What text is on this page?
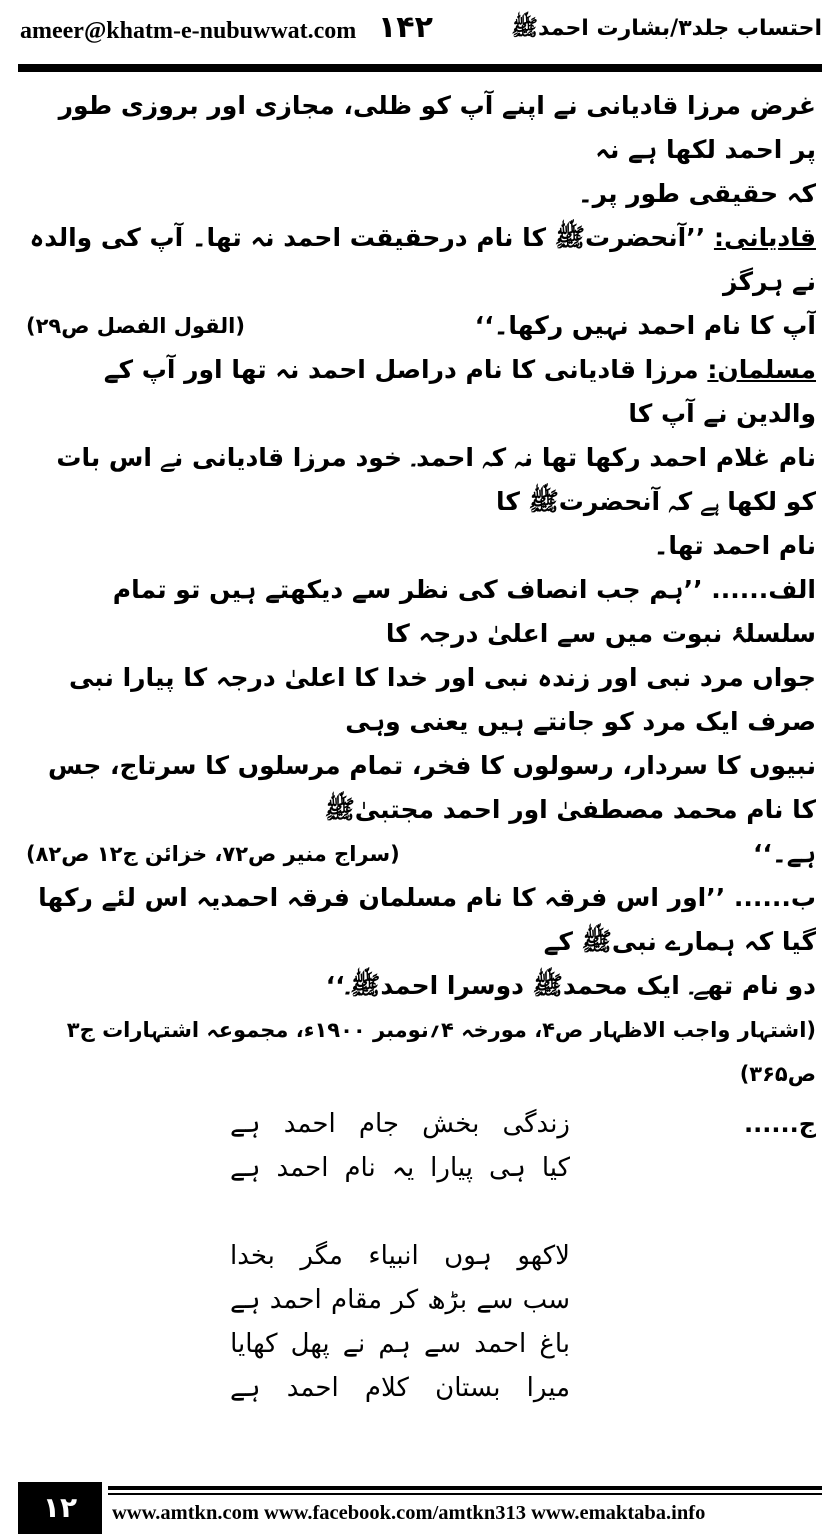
ameer@khatm-e-nubuwwat.com ۱۴۲	احتساب جلد۳/بشارت احمدﷺ

غرض مرزا قادیانی نے اپنے آپ کو ظلی، مجازی اور بروزی طور پر احمد لکھا ہے نہ

کہ حقیقی طور پر۔

قادیانی: ’’آنحضرتﷺ کا نام درحقیقت احمد نہ تھا۔ آپ کی والدہ نے ہرگز

آپ کا نام احمد نہیں رکھا۔‘‘
(القول الفصل ص۲۹)

مسلمان: مرزا قادیانی کا نام دراصل احمد نہ تھا اور آپ کے والدین نے آپ کا

نام غلام احمد رکھا تھا نہ کہ احمد۔ خود مرزا قادیانی نے اس بات کو لکھا ہے کہ آنحضرتﷺ کا

نام احمد تھا۔

الف...... ’’ہم جب انصاف کی نظر سے دیکھتے ہیں تو تمام سلسلۂ نبوت میں سے اعلیٰ درجہ کا

جواں مرد نبی اور زندہ نبی اور خدا کا اعلیٰ درجہ کا پیارا نبی صرف ایک مرد کو جانتے ہیں یعنی وہی

نبیوں کا سردار، رسولوں کا فخر، تمام مرسلوں کا سرتاج، جس کا نام محمد مصطفیٰ اور احمد مجتبیٰﷺ

ہے۔‘‘
(سراج منیر ص۷۲، خزائن ج۱۲ ص۸۲)

ب...... ’’اور اس فرقہ کا نام مسلمان فرقہ احمدیہ اس لئے رکھا گیا کہ ہمارے نبیﷺ کے

دو نام تھے۔ ایک محمدﷺ دوسرا احمدﷺ۔‘‘

(اشتہار واجب الاظہار ص۴، مورخہ ۴؍نومبر ۱۹۰۰ء، مجموعہ اشتہارات ج۳ ص۳۶۵)

ج......
زندگی
بخش
جام
احمد
ہے
کیا
ہی
پیارا
یہ
نام
احمد
ہے
لاکھو
ہوں
انبیاء
مگر
بخدا
سب
سے
بڑھ
کر
مقام
احمد
ہے
باغ
احمد
سے
ہم
نے
پھل
کھایا
میرا
بستان
کلام
احمد
ہے

۱۲	www.amtkn.com www.facebook.com/amtkn313 www.emaktaba.info
